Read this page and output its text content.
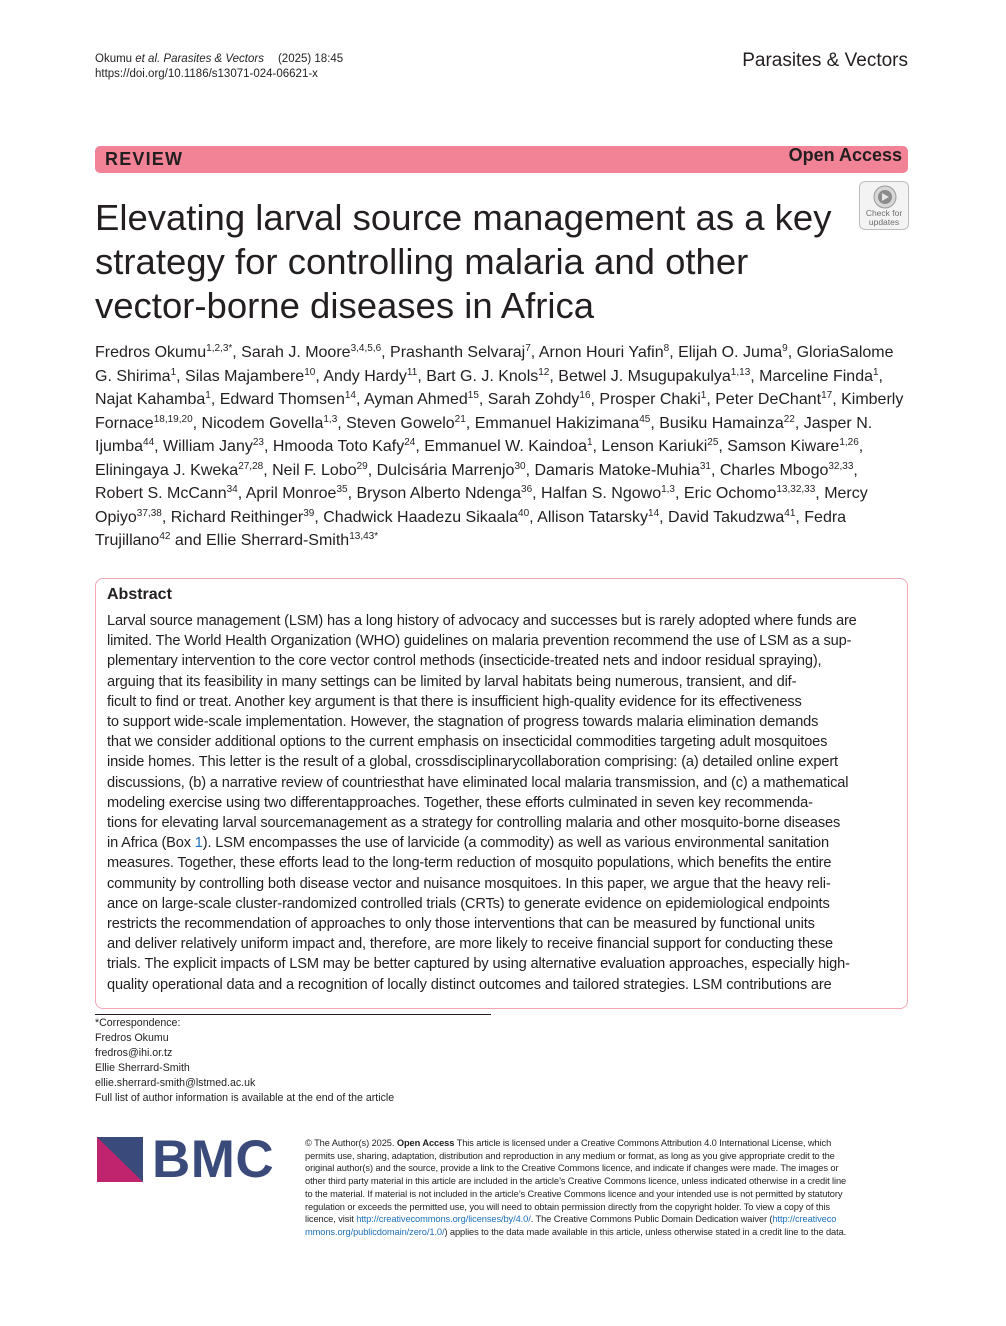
Okumu et al. Parasites & Vectors (2025) 18:45
https://doi.org/10.1186/s13071-024-06621-x
Parasites & Vectors
REVIEW	Open Access
Elevating larval source management as a key strategy for controlling malaria and other vector-borne diseases in Africa
Check for
updates
Fredros Okumu$^{1,2,3*}$, Sarah J. Moore$^{3,4,5,6}$, Prashanth Selvaraj$^7$, Arnon Houri Yafin$^8$, Elijah O. Juma$^9$, GloriaSalome G. Shirima$^1$, Silas Majambere$^{10}$, Andy Hardy$^{11}$, Bart G. J. Knols$^{12}$, Betwel J. Msugupakulya$^{1,13}$, Marceline Finda$^1$, Najat Kahamba$^1$, Edward Thomsen$^{14}$, Ayman Ahmed$^{15}$, Sarah Zohdy$^{16}$, Prosper Chaki$^1$, Peter DeChant$^{17}$, Kimberly Fornace$^{18,19,20}$, Nicodem Govella$^{1,3}$, Steven Gowelo$^{21}$, Emmanuel Hakizimana$^{45}$, Busiku Hamainza$^{22}$, Jasper N. Ijumba$^{44}$, William Jany$^{23}$, Hmooda Toto Kafy$^{24}$, Emmanuel W. Kaindoa$^1$, Lenson Kariuki$^{25}$, Samson Kiware$^{1,26}$, Eliningaya J. Kweka$^{27,28}$, Neil F. Lobo$^{29}$, Dulcisária Marrenjo$^{30}$, Damaris Matoke-Muhia$^{31}$, Charles Mbogo$^{32,33}$, Robert S. McCann$^{34}$, April Monroe$^{35}$, Bryson Alberto Ndenga$^{36}$, Halfan S. Ngowo$^{1,3}$, Eric Ochomo$^{13,32,33}$, Mercy Opiyo$^{37,38}$, Richard Reithinger$^{39}$, Chadwick Haadezu Sikaala$^{40}$, Allison Tatarsky$^{14}$, David Takudzwa$^{41}$, Fedra Trujillano$^{42}$ and Ellie Sherrard-Smith$^{13,43*}$
Abstract
Larval source management (LSM) has a long history of advocacy and successes but is rarely adopted where funds are
limited. The World Health Organization (WHO) guidelines on malaria prevention recommend the use of LSM as a sup-
plementary intervention to the core vector control methods (insecticide-treated nets and indoor residual spraying),
arguing that its feasibility in many settings can be limited by larval habitats being numerous, transient, and dif-
ficult to find or treat. Another key argument is that there is insufficient high-quality evidence for its effectiveness
to support wide-scale implementation. However, the stagnation of progress towards malaria elimination demands
that we consider additional options to the current emphasis on insecticidal commodities targeting adult mosquitoes
inside homes. This letter is the result of a global, crossdisciplinarycollaboration comprising: (a) detailed online expert
discussions, (b) a narrative review of countriesthat have eliminated local malaria transmission, and (c) a mathematical
modeling exercise using two differentapproaches. Together, these efforts culminated in seven key recommenda-
tions for elevating larval sourcemanagement as a strategy for controlling malaria and other mosquito-borne diseases
in Africa (Box 1). LSM encompasses the use of larvicide (a commodity) as well as various environmental sanitation
measures. Together, these efforts lead to the long-term reduction of mosquito populations, which benefits the entire
community by controlling both disease vector and nuisance mosquitoes. In this paper, we argue that the heavy reli-
ance on large-scale cluster-randomized controlled trials (CRTs) to generate evidence on epidemiological endpoints
restricts the recommendation of approaches to only those interventions that can be measured by functional units
and deliver relatively uniform impact and, therefore, are more likely to receive financial support for conducting these
trials. The explicit impacts of LSM may be better captured by using alternative evaluation approaches, especially high-
quality operational data and a recognition of locally distinct outcomes and tailored strategies. LSM contributions are
*Correspondence:
Fredros Okumu
fredros@ihi.or.tz
Ellie Sherrard-Smith
ellie.sherrard-smith@lstmed.ac.uk
Full list of author information is available at the end of the article
BMC	© The Author(s) 2025. Open Access This article is licensed under a Creative Commons Attribution 4.0 International License, which
permits use, sharing, adaptation, distribution and reproduction in any medium or format, as long as you give appropriate credit to the
original author(s) and the source, provide a link to the Creative Commons licence, and indicate if changes were made. The images or
other third party material in this article are included in the article’s Creative Commons licence, unless indicated otherwise in a credit line
to the material. If material is not included in the article’s Creative Commons licence and your intended use is not permitted by statutory
regulation or exceeds the permitted use, you will need to obtain permission directly from the copyright holder. To view a copy of this
licence, visit http://creativecommons.org/licenses/by/4.0/. The Creative Commons Public Domain Dedication waiver (http://creativeco
mmons.org/publicdomain/zero/1.0/) applies to the data made available in this article, unless otherwise stated in a credit line to the data.
